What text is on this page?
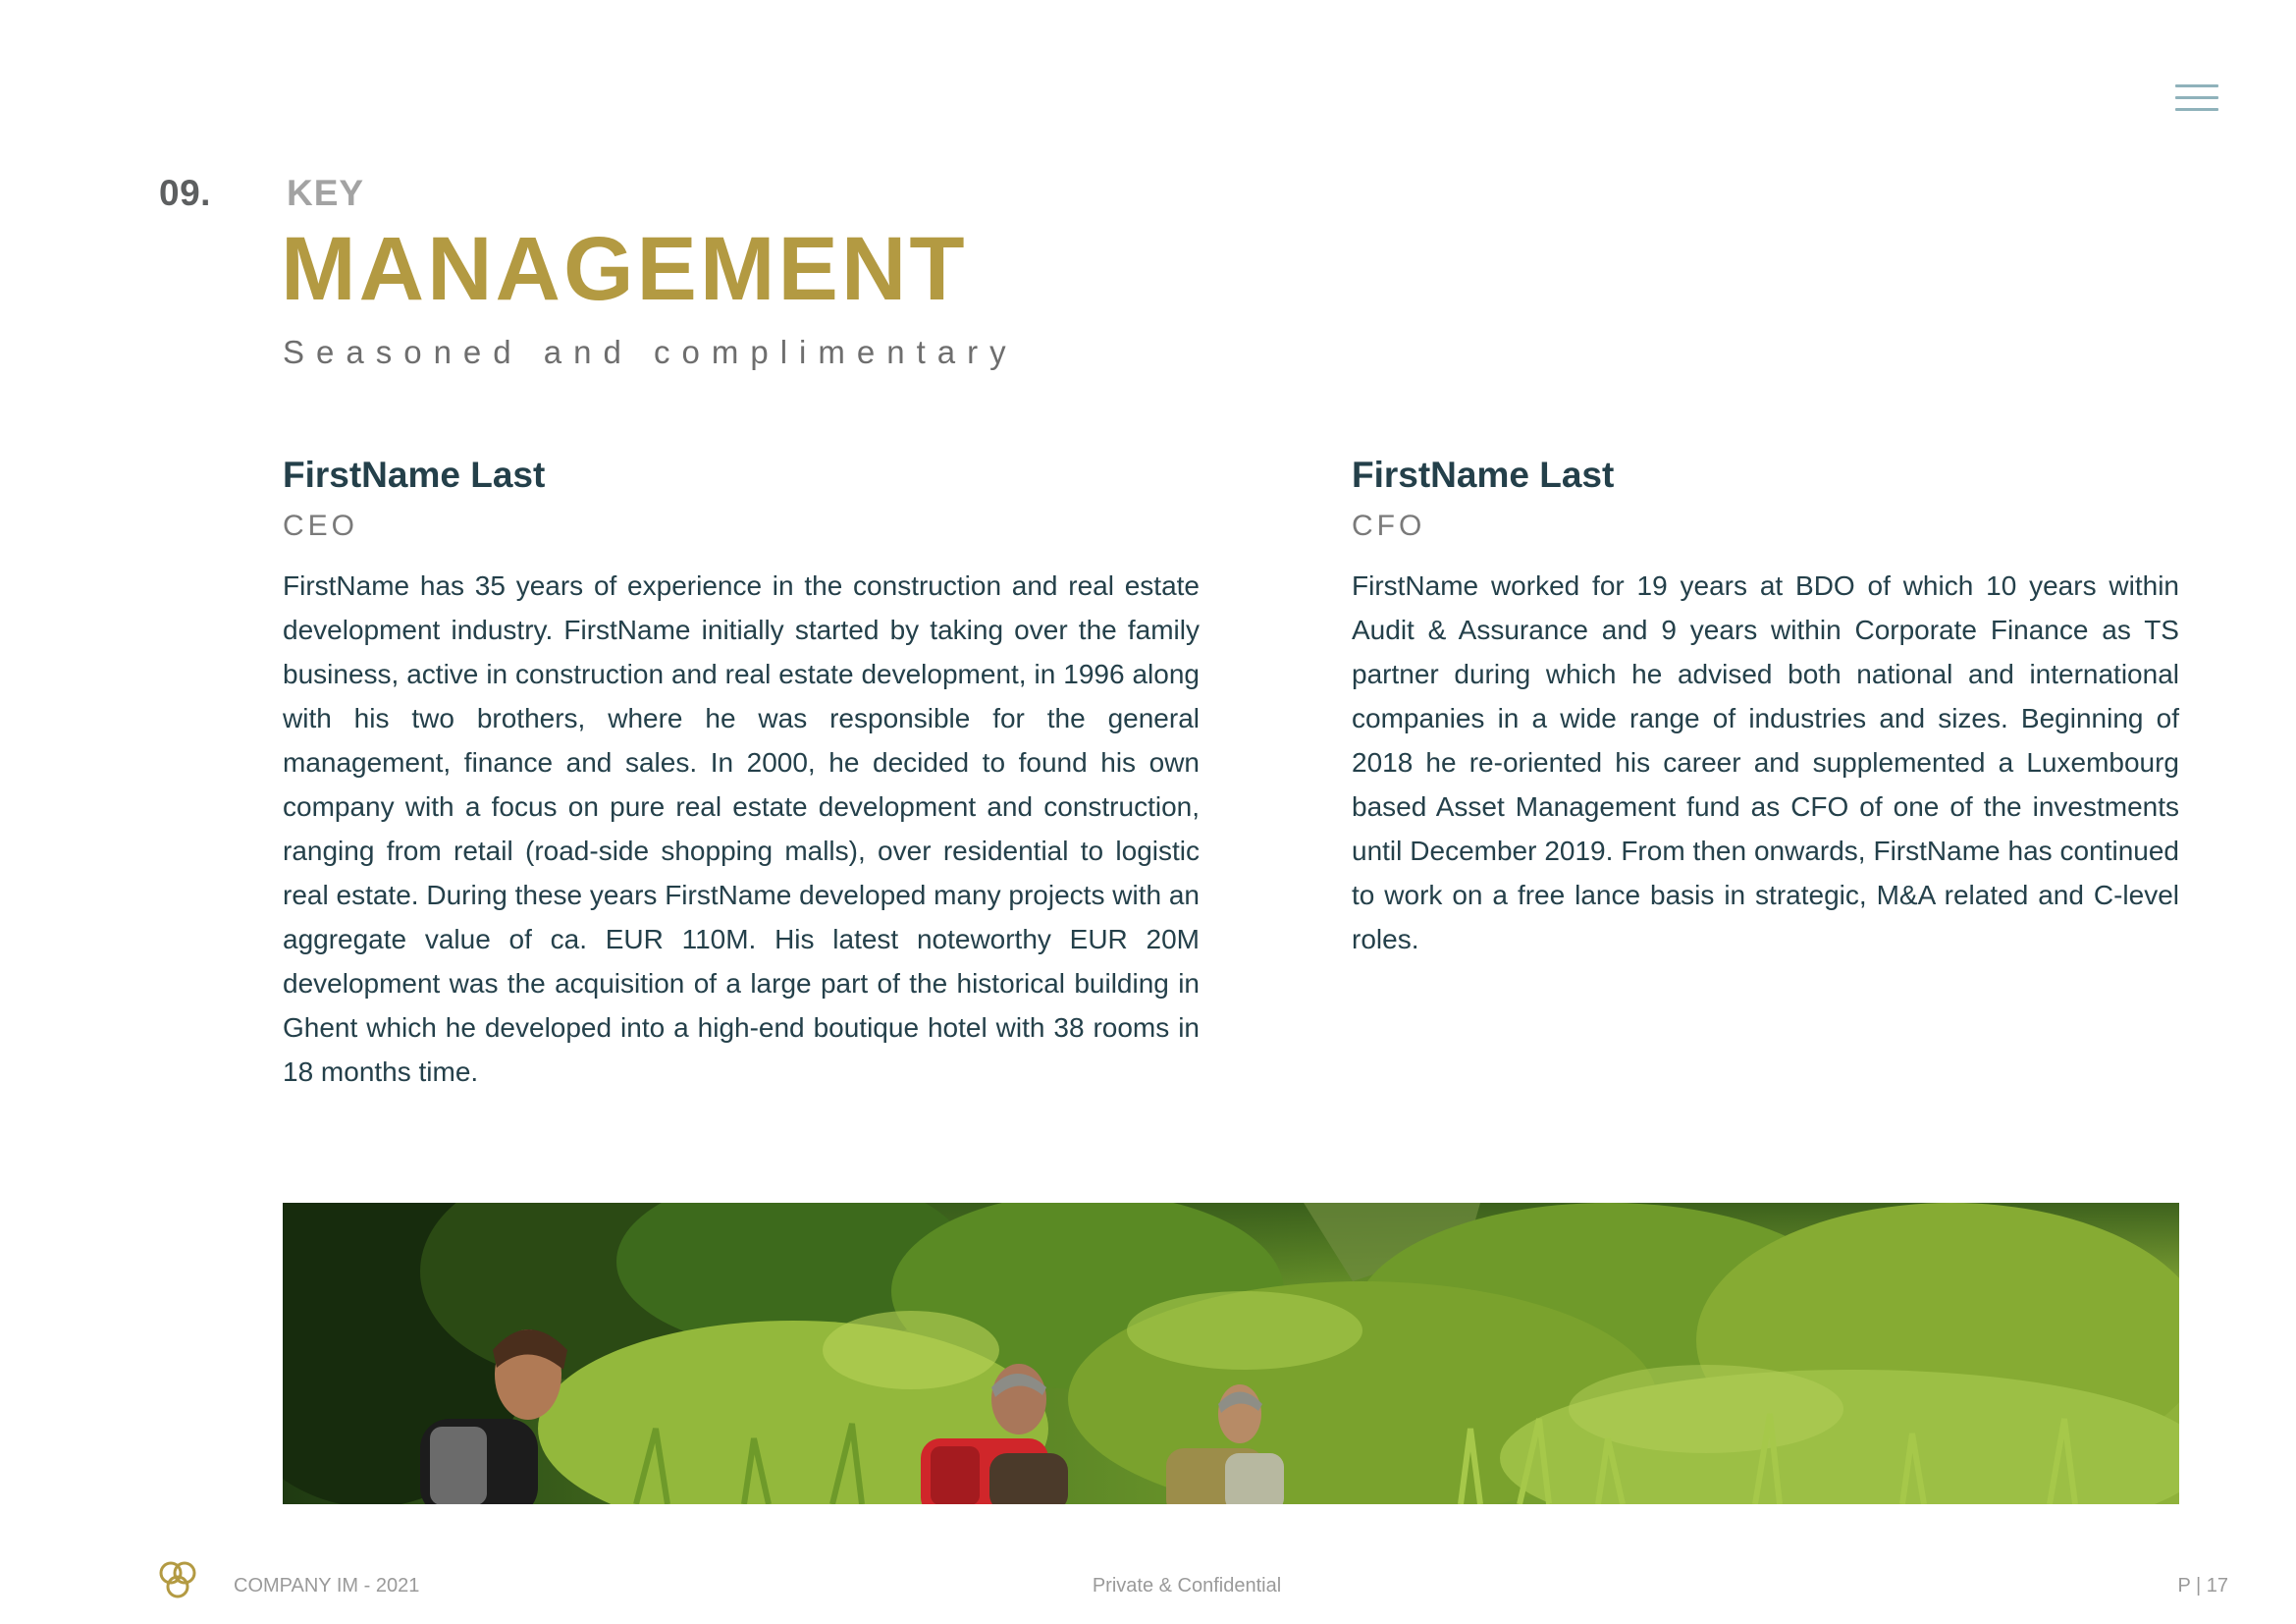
09. KEY
MANAGEMENT
Seasoned and complimentary
FirstName Last
CEO

FirstName has 35 years of experience in the construction and real estate development industry. FirstName initially started by taking over the family business, active in construction and real estate development, in 1996 along with his two brothers, where he was responsible for the general management, finance and sales. In 2000, he decided to found his own company with a focus on pure real estate development and construction, ranging from retail (road-side shopping malls), over residential to logistic real estate. During these years FirstName developed many projects with an aggregate value of ca. EUR 110M. His latest noteworthy EUR 20M development was the acquisition of a large part of the historical building in Ghent which he developed into a high-end boutique hotel with 38 rooms in 18 months time.

FirstName Last
CFO

FirstName worked for 19 years at BDO of which 10 years within Audit & Assurance and 9 years within Corporate Finance as TS partner during which he advised both national and international companies in a wide range of industries and sizes. Beginning of 2018 he re-oriented his career and supplemented a Luxembourg based Asset Management fund as CFO of one of the investments until December 2019. From then onwards, FirstName has continued to work on a free lance basis in strategic, M&A related and C-level roles.

COMPANY IM - 2021	Private & Confidential	P | 17
